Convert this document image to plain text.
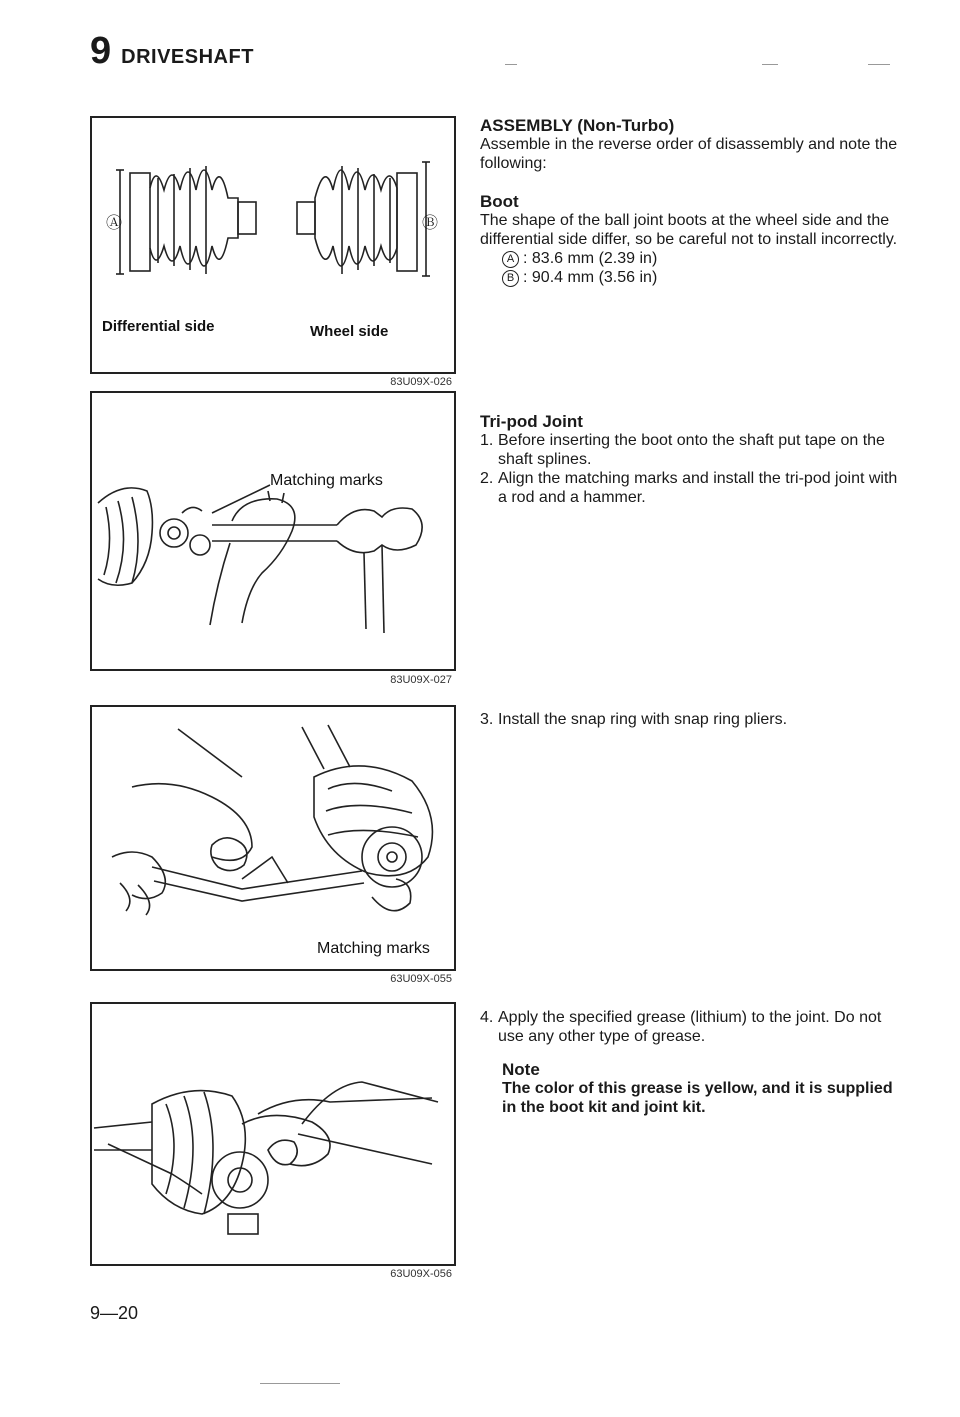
9 DRIVESHAFT
Ⓐ	Ⓑ
Differential side	Wheel side
83U09X-026
Matching marks
83U09X-027
Matching marks
63U09X-055
63U09X-056

ASSEMBLY (Non-Turbo)

Assemble in the reverse order of disassembly and note the following:

Boot

The shape of the ball joint boots at the wheel side and the differential side differ, so be careful not to install incorrectly.

A : 83.6 mm (2.39 in)
B : 90.4 mm (3.56 in)

Tri-pod Joint

1. Before inserting the boot onto the shaft put tape on the shaft splines.
2. Align the matching marks and install the tri-pod joint with a rod and a hammer.
3. Install the snap ring with snap ring pliers.
4. Apply the specified grease (lithium) to the joint. Do not use any other type of grease.

Note

The color of this grease is yellow, and it is supplied in the boot kit and joint kit.

9—20
